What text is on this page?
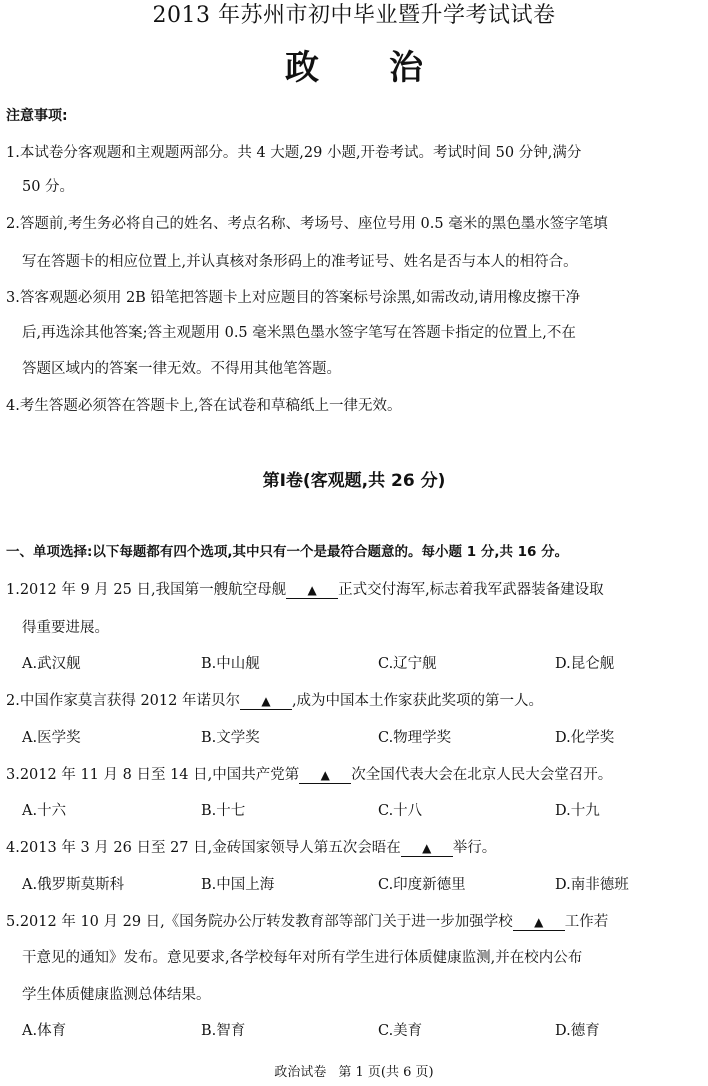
2013 年苏州市初中毕业暨升学考试试卷
政治
注意事项:
1.本试卷分客观题和主观题两部分。共 4 大题,29 小题,开卷考试。考试时间 50 分钟,满分
50 分。
2.答题前,考生务必将自己的姓名、考点名称、考场号、座位号用 0.5 毫米的黑色墨水签字笔填
写在答题卡的相应位置上,并认真核对条形码上的准考证号、姓名是否与本人的相符合。
3.答客观题必须用 2B 铅笔把答题卡上对应题目的答案标号涂黑,如需改动,请用橡皮擦干净
后,再选涂其他答案;答主观题用 0.5 毫米黑色墨水签字笔写在答题卡指定的位置上,不在
答题区域内的答案一律无效。不得用其他笔答题。
4.考生答题必须答在答题卡上,答在试卷和草稿纸上一律无效。
第Ⅰ卷(客观题,共 26 分)
一、单项选择:以下每题都有四个选项,其中只有一个是最符合题意的。每小题 1 分,共 16 分。
1.2012 年 9 月 25 日,我国第一艘航空母舰 ▲ 正式交付海军,标志着我军武器装备建设取
得重要进展。
A.武汉舰	B.中山舰	C.辽宁舰	D.昆仑舰
2.中国作家莫言获得 2012 年诺贝尔 ▲ ,成为中国本土作家获此奖项的第一人。
A.医学奖	B.文学奖	C.物理学奖	D.化学奖
3.2012 年 11 月 8 日至 14 日,中国共产党第 ▲ 次全国代表大会在北京人民大会堂召开。
A.十六	B.十七	C.十八	D.十九
4.2013 年 3 月 26 日至 27 日,金砖国家领导人第五次会晤在 ▲ 举行。
A.俄罗斯莫斯科	B.中国上海	C.印度新德里	D.南非德班
5.2012 年 10 月 29 日,《国务院办公厅转发教育部等部门关于进一步加强学校 ▲ 工作若
干意见的通知》发布。意见要求,各学校每年对所有学生进行体质健康监测,并在校内公布
学生体质健康监测总体结果。
A.体育	B.智育	C.美育	D.德育
政治试卷 第 1 页(共 6 页)
